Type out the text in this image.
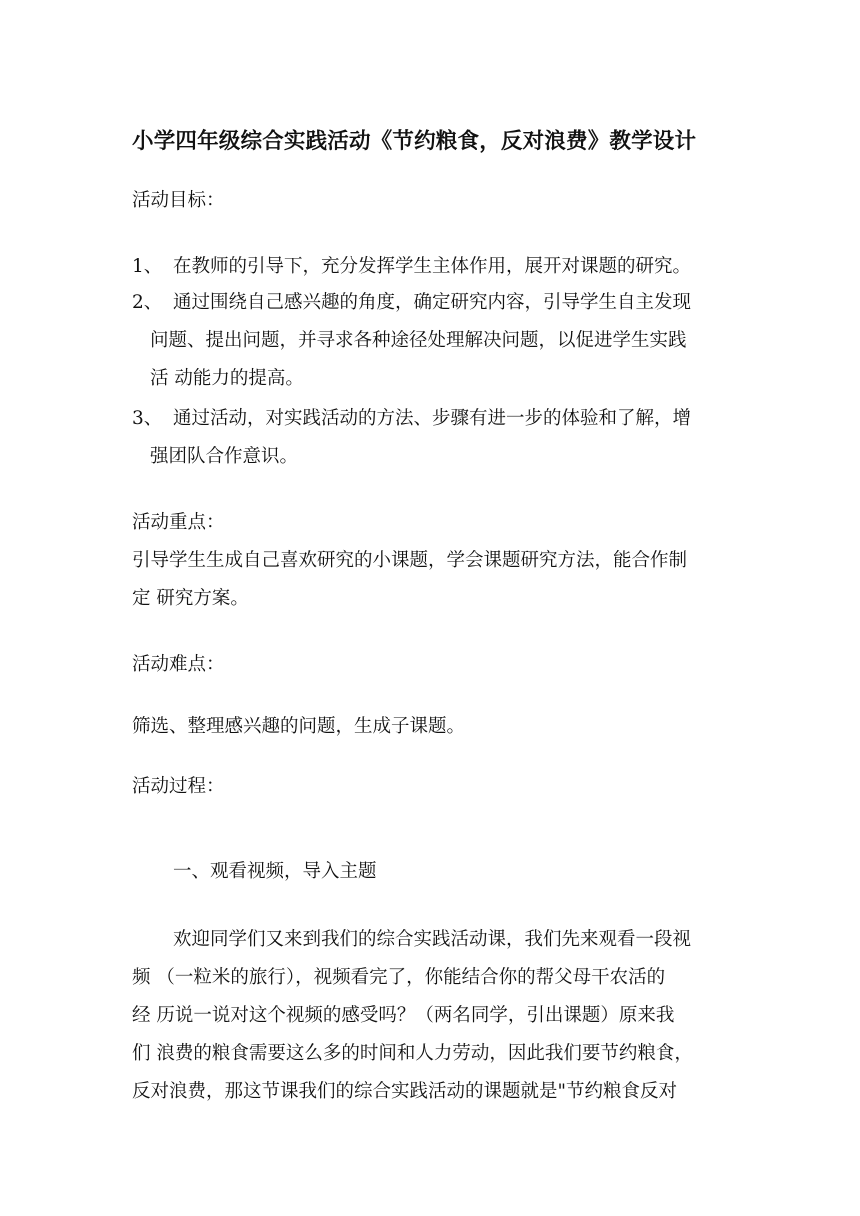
小学四年级综合实践活动《节约粮食，反对浪费》教学设计
活动目标：
1、 在教师的引导下，充分发挥学生主体作用，展开对课题的研究。
2、 通过围绕自己感兴趣的角度，确定研究内容，引导学生自主发现
问题、提出问题，并寻求各种途径处理解决问题，以促进学生实践
活 动能力的提高。
3、 通过活动，对实践活动的方法、步骤有进一步的体验和了解，增
强团队合作意识。
活动重点：
引导学生生成自己喜欢研究的小课题，学会课题研究方法，能合作制
定 研究方案。
活动难点：
筛选、整理感兴趣的问题，生成子课题。
活动过程：
一、观看视频，导入主题
欢迎同学们又来到我们的综合实践活动课，我们先来观看一段视
频 （一粒米的旅行），视频看完了，你能结合你的帮父母干农活的
经 历说一说对这个视频的感受吗？（两名同学，引出课题）原来我
们 浪费的粮食需要这么多的时间和人力劳动，因此我们要节约粮食，
反对浪费，那这节课我们的综合实践活动的课题就是"节约粮食反对
